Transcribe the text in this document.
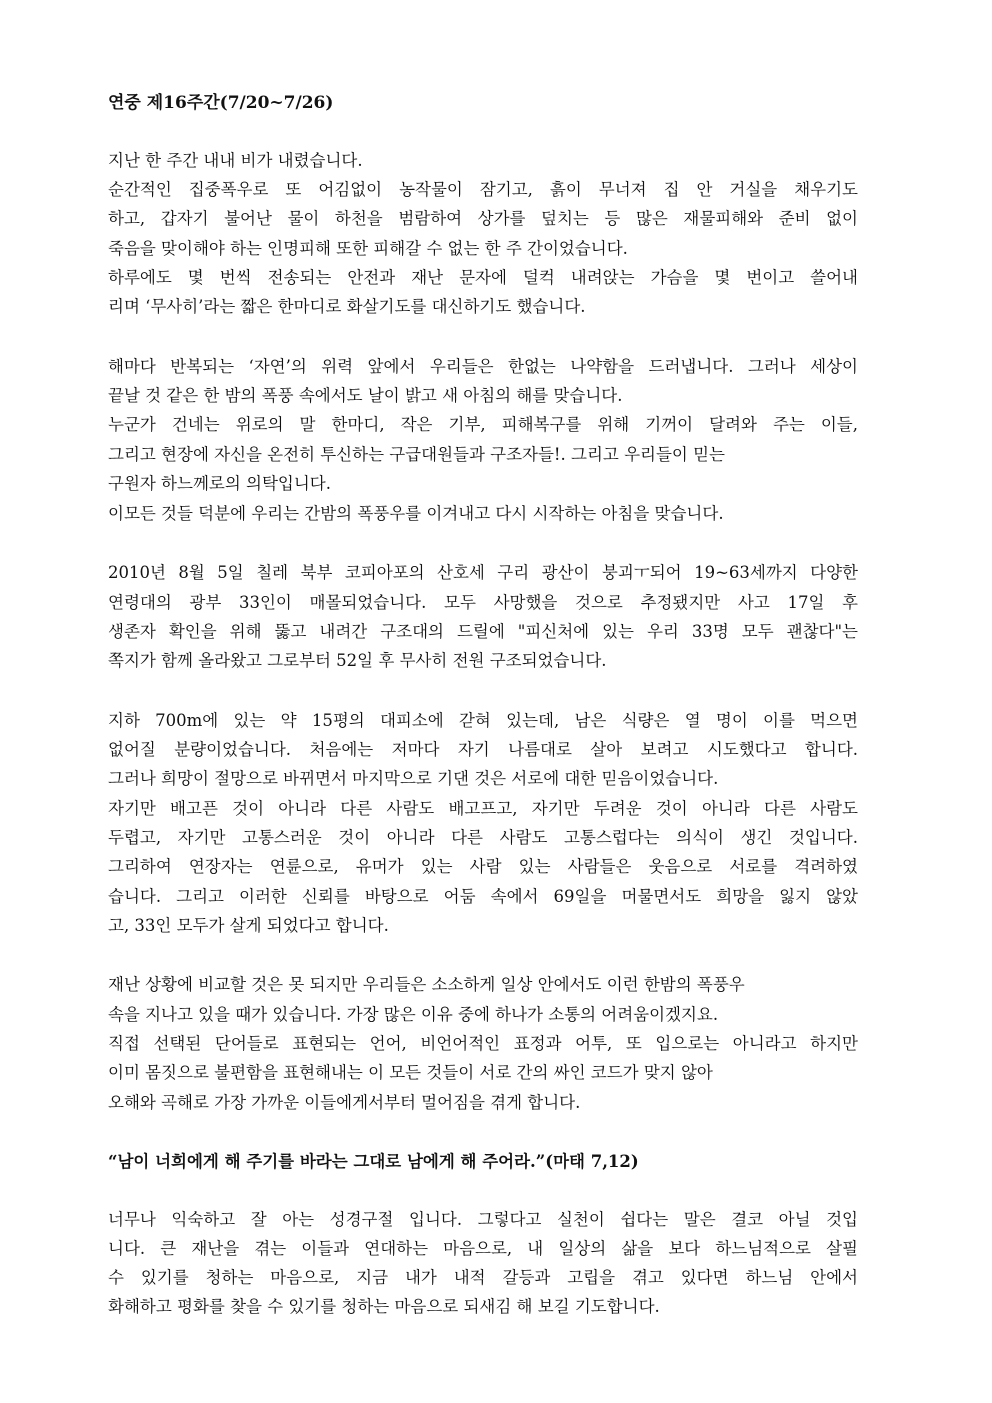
연중 제16주간(7/20~7/26)
지난 한 주간 내내 비가 내렸습니다.
순간적인 집중폭우로 또 어김없이 농작물이 잠기고, 흙이 무너져 집 안 거실을 채우기도
하고, 갑자기 불어난 물이 하천을 범람하여 상가를 덮치는 등 많은 재물피해와 준비 없이
죽음을 맞이해야 하는 인명피해 또한 피해갈 수 없는 한 주 간이었습니다.
하루에도 몇 번씩 전송되는 안전과 재난 문자에 덜컥 내려앉는 가슴을 몇 번이고 쓸어내
리며 ‘무사히’라는 짧은 한마디로 화살기도를 대신하기도 했습니다.
해마다 반복되는 ‘자연’의 위력 앞에서 우리들은 한없는 나약함을 드러냅니다. 그러나 세상이
끝날 것 같은 한 밤의 폭풍 속에서도 날이 밝고 새 아침의 해를 맞습니다.
누군가 건네는 위로의 말 한마디, 작은 기부, 피해복구를 위해 기꺼이 달려와 주는 이들,
그리고 현장에 자신을 온전히 투신하는 구급대원들과 구조자들!. 그리고 우리들이 믿는
구원자 하느께로의 의탁입니다.
이모든 것들 덕분에 우리는 간밤의 폭풍우를 이겨내고 다시 시작하는 아침을 맞습니다.
2010년 8월 5일 칠레 북부 코피아포의 산호세 구리 광산이 붕괴ㅜ되어 19~63세까지 다양한
연령대의 광부 33인이 매몰되었습니다. 모두 사망했을 것으로 추정됐지만 사고 17일 후
생존자 확인을 위해 뚫고 내려간 구조대의 드릴에 "피신처에 있는 우리 33명 모두 괜찮다"는
쪽지가 함께 올라왔고 그로부터 52일 후 무사히 전원 구조되었습니다.
지하 700m에 있는 약 15평의 대피소에 갇혀 있는데, 남은 식량은 열 명이 이를 먹으면
없어질 분량이었습니다. 처음에는 저마다 자기 나름대로 살아 보려고 시도했다고 합니다.
그러나 희망이 절망으로 바뀌면서 마지막으로 기댄 것은 서로에 대한 믿음이었습니다.
자기만 배고픈 것이 아니라 다른 사람도 배고프고, 자기만 두려운 것이 아니라 다른 사람도
두렵고, 자기만 고통스러운 것이 아니라 다른 사람도 고통스럽다는 의식이 생긴 것입니다.
그리하여 연장자는 연륜으로, 유머가 있는 사람 있는 사람들은 웃음으로 서로를 격려하였
습니다. 그리고 이러한 신뢰를 바탕으로 어둠 속에서 69일을 머물면서도 희망을 잃지 않았
고, 33인 모두가 살게 되었다고 합니다.
재난 상황에 비교할 것은 못 되지만 우리들은 소소하게 일상 안에서도 이런 한밤의 폭풍우
속을 지나고 있을 때가 있습니다. 가장 많은 이유 중에 하나가 소통의 어려움이겠지요.
직접 선택된 단어들로 표현되는 언어, 비언어적인 표정과 어투, 또 입으로는 아니라고 하지만
이미 몸짓으로 불편함을 표현해내는 이 모든 것들이 서로 간의 싸인 코드가 맞지 않아
오해와 곡해로 가장 가까운 이들에게서부터 멀어짐을 겪게 합니다.
“남이 너희에게 해 주기를 바라는 그대로 남에게 해 주어라.”(마태 7,12)
너무나 익숙하고 잘 아는 성경구절 입니다. 그렇다고 실천이 쉽다는 말은 결코 아닐 것입
니다. 큰 재난을 겪는 이들과 연대하는 마음으로, 내 일상의 삶을 보다 하느님적으로 살필
수 있기를 청하는 마음으로, 지금 내가 내적 갈등과 고립을 겪고 있다면 하느님 안에서
화해하고 평화를 찾을 수 있기를 청하는 마음으로 되새김 해 보길 기도합니다.
